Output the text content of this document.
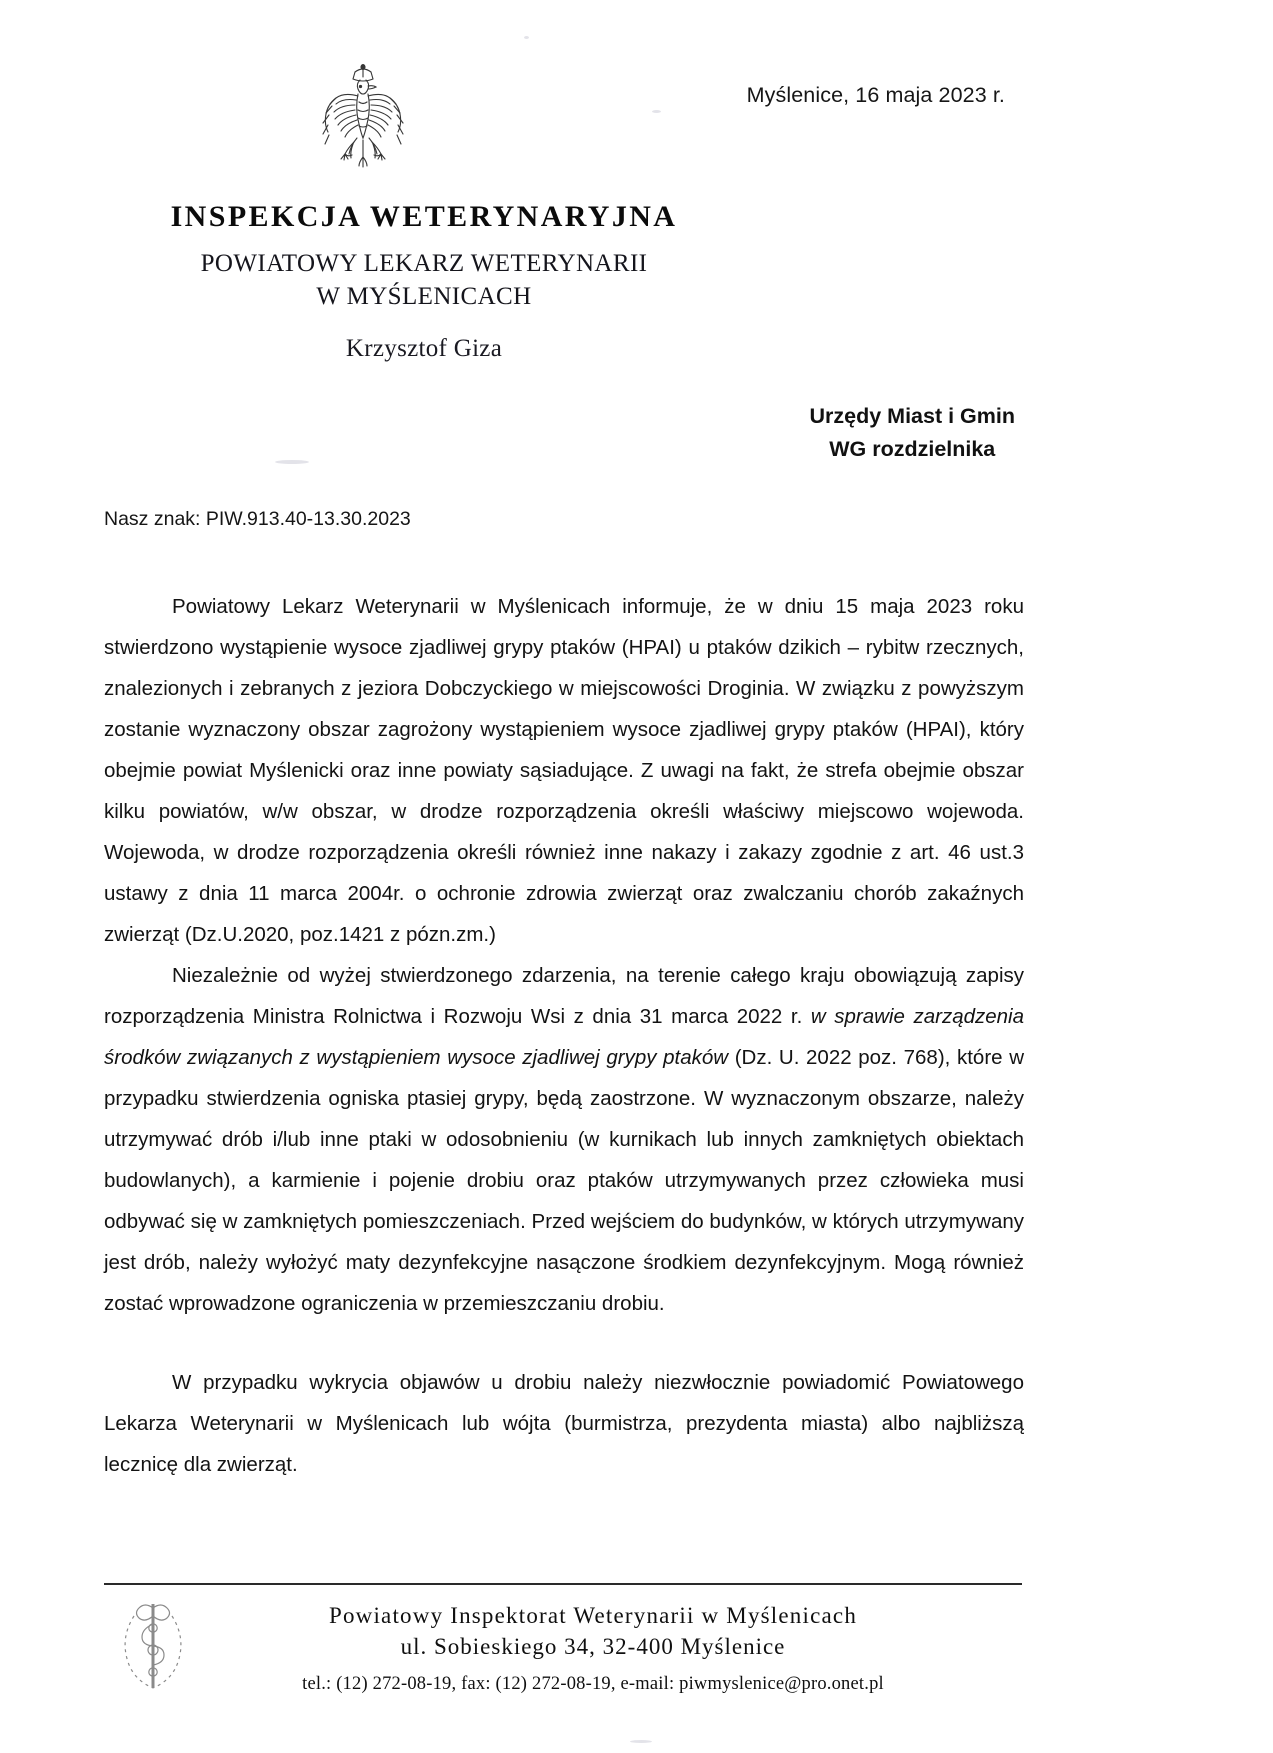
Myślenice, 16 maja 2023 r.
INSPEKCJA WETERYNARYJNA
POWIATOWY LEKARZ WETERYNARII
W MYŚLENICACH
Krzysztof Giza
Urzędy Miast i Gmin
WG rozdzielnika
Nasz znak: PIW.913.40-13.30.2023

Powiatowy Lekarz Weterynarii w Myślenicach informuje, że w dniu 15 maja 2023 roku stwierdzono wystąpienie wysoce zjadliwej grypy ptaków (HPAI) u ptaków dzikich – rybitw rzecznych, znalezionych i zebranych z jeziora Dobczyckiego w miejscowości Droginia. W związku z powyższym zostanie wyznaczony obszar zagrożony wystąpieniem wysoce zjadliwej grypy ptaków (HPAI), który obejmie powiat Myślenicki oraz inne powiaty sąsiadujące. Z uwagi na fakt, że strefa obejmie obszar kilku powiatów, w/w obszar, w drodze rozporządzenia określi właściwy miejscowo wojewoda. Wojewoda, w drodze rozporządzenia określi również inne nakazy i zakazy zgodnie z art. 46 ust.3 ustawy z dnia 11 marca 2004r. o ochronie zdrowia zwierząt oraz zwalczaniu chorób zakaźnych zwierząt (Dz.U.2020, poz.1421 z pózn.zm.)

Niezależnie od wyżej stwierdzonego zdarzenia, na terenie całego kraju obowiązują zapisy rozporządzenia Ministra Rolnictwa i Rozwoju Wsi z dnia 31 marca 2022 r. w sprawie zarządzenia środków związanych z wystąpieniem wysoce zjadliwej grypy ptaków (Dz. U. 2022 poz. 768), które w przypadku stwierdzenia ogniska ptasiej grypy, będą zaostrzone. W wyznaczonym obszarze, należy utrzymywać drób i/lub inne ptaki w odosobnieniu (w kurnikach lub innych zamkniętych obiektach budowlanych), a karmienie i pojenie drobiu oraz ptaków utrzymywanych przez człowieka musi odbywać się w zamkniętych pomieszczeniach. Przed wejściem do budynków, w których utrzymywany jest drób, należy wyłożyć maty dezynfekcyjne nasączone środkiem dezynfekcyjnym. Mogą również zostać wprowadzone ograniczenia w przemieszczaniu drobiu.

W przypadku wykrycia objawów u drobiu należy niezwłocznie powiadomić Powiatowego Lekarza Weterynarii w Myślenicach lub wójta (burmistrza, prezydenta miasta) albo najbliższą lecznicę dla zwierząt.

Powiatowy Inspektorat Weterynarii w Myślenicach
ul. Sobieskiego 34, 32-400 Myślenice
tel.: (12) 272-08-19, fax: (12) 272-08-19, e-mail: piwmyslenice@pro.onet.pl
